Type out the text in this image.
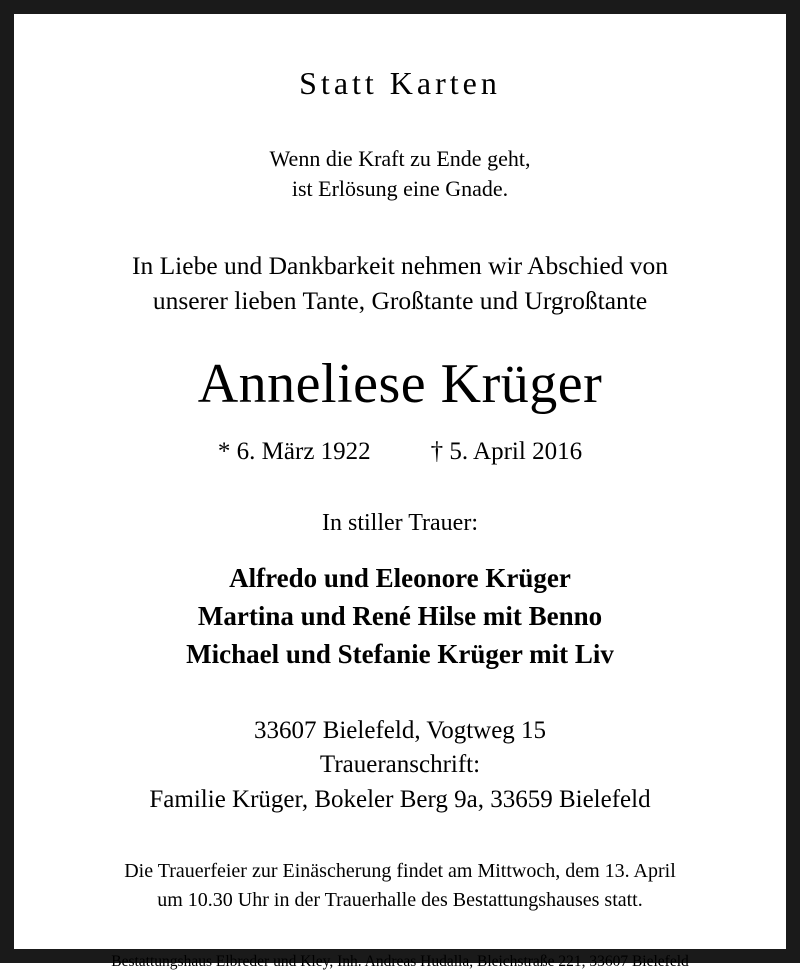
Statt Karten
Wenn die Kraft zu Ende geht,
ist Erlösung eine Gnade.
In Liebe und Dankbarkeit nehmen wir Abschied von
unserer lieben Tante, Großtante und Urgroßtante
Anneliese Krüger
* 6. März 1922 † 5. April 2016
In stiller Trauer:
Alfredo und Eleonore Krüger
Martina und René Hilse mit Benno
Michael und Stefanie Krüger mit Liv
33607 Bielefeld, Vogtweg 15
Traueranschrift:
Familie Krüger, Bokeler Berg 9a, 33659 Bielefeld
Die Trauerfeier zur Einäscherung findet am Mittwoch, dem 13. April
um 10.30 Uhr in der Trauerhalle des Bestattungshauses statt.
Bestattungshaus Elbreder und Kley, Inh. Andreas Hudalla, Bleichstraße 221, 33607 Bielefeld
